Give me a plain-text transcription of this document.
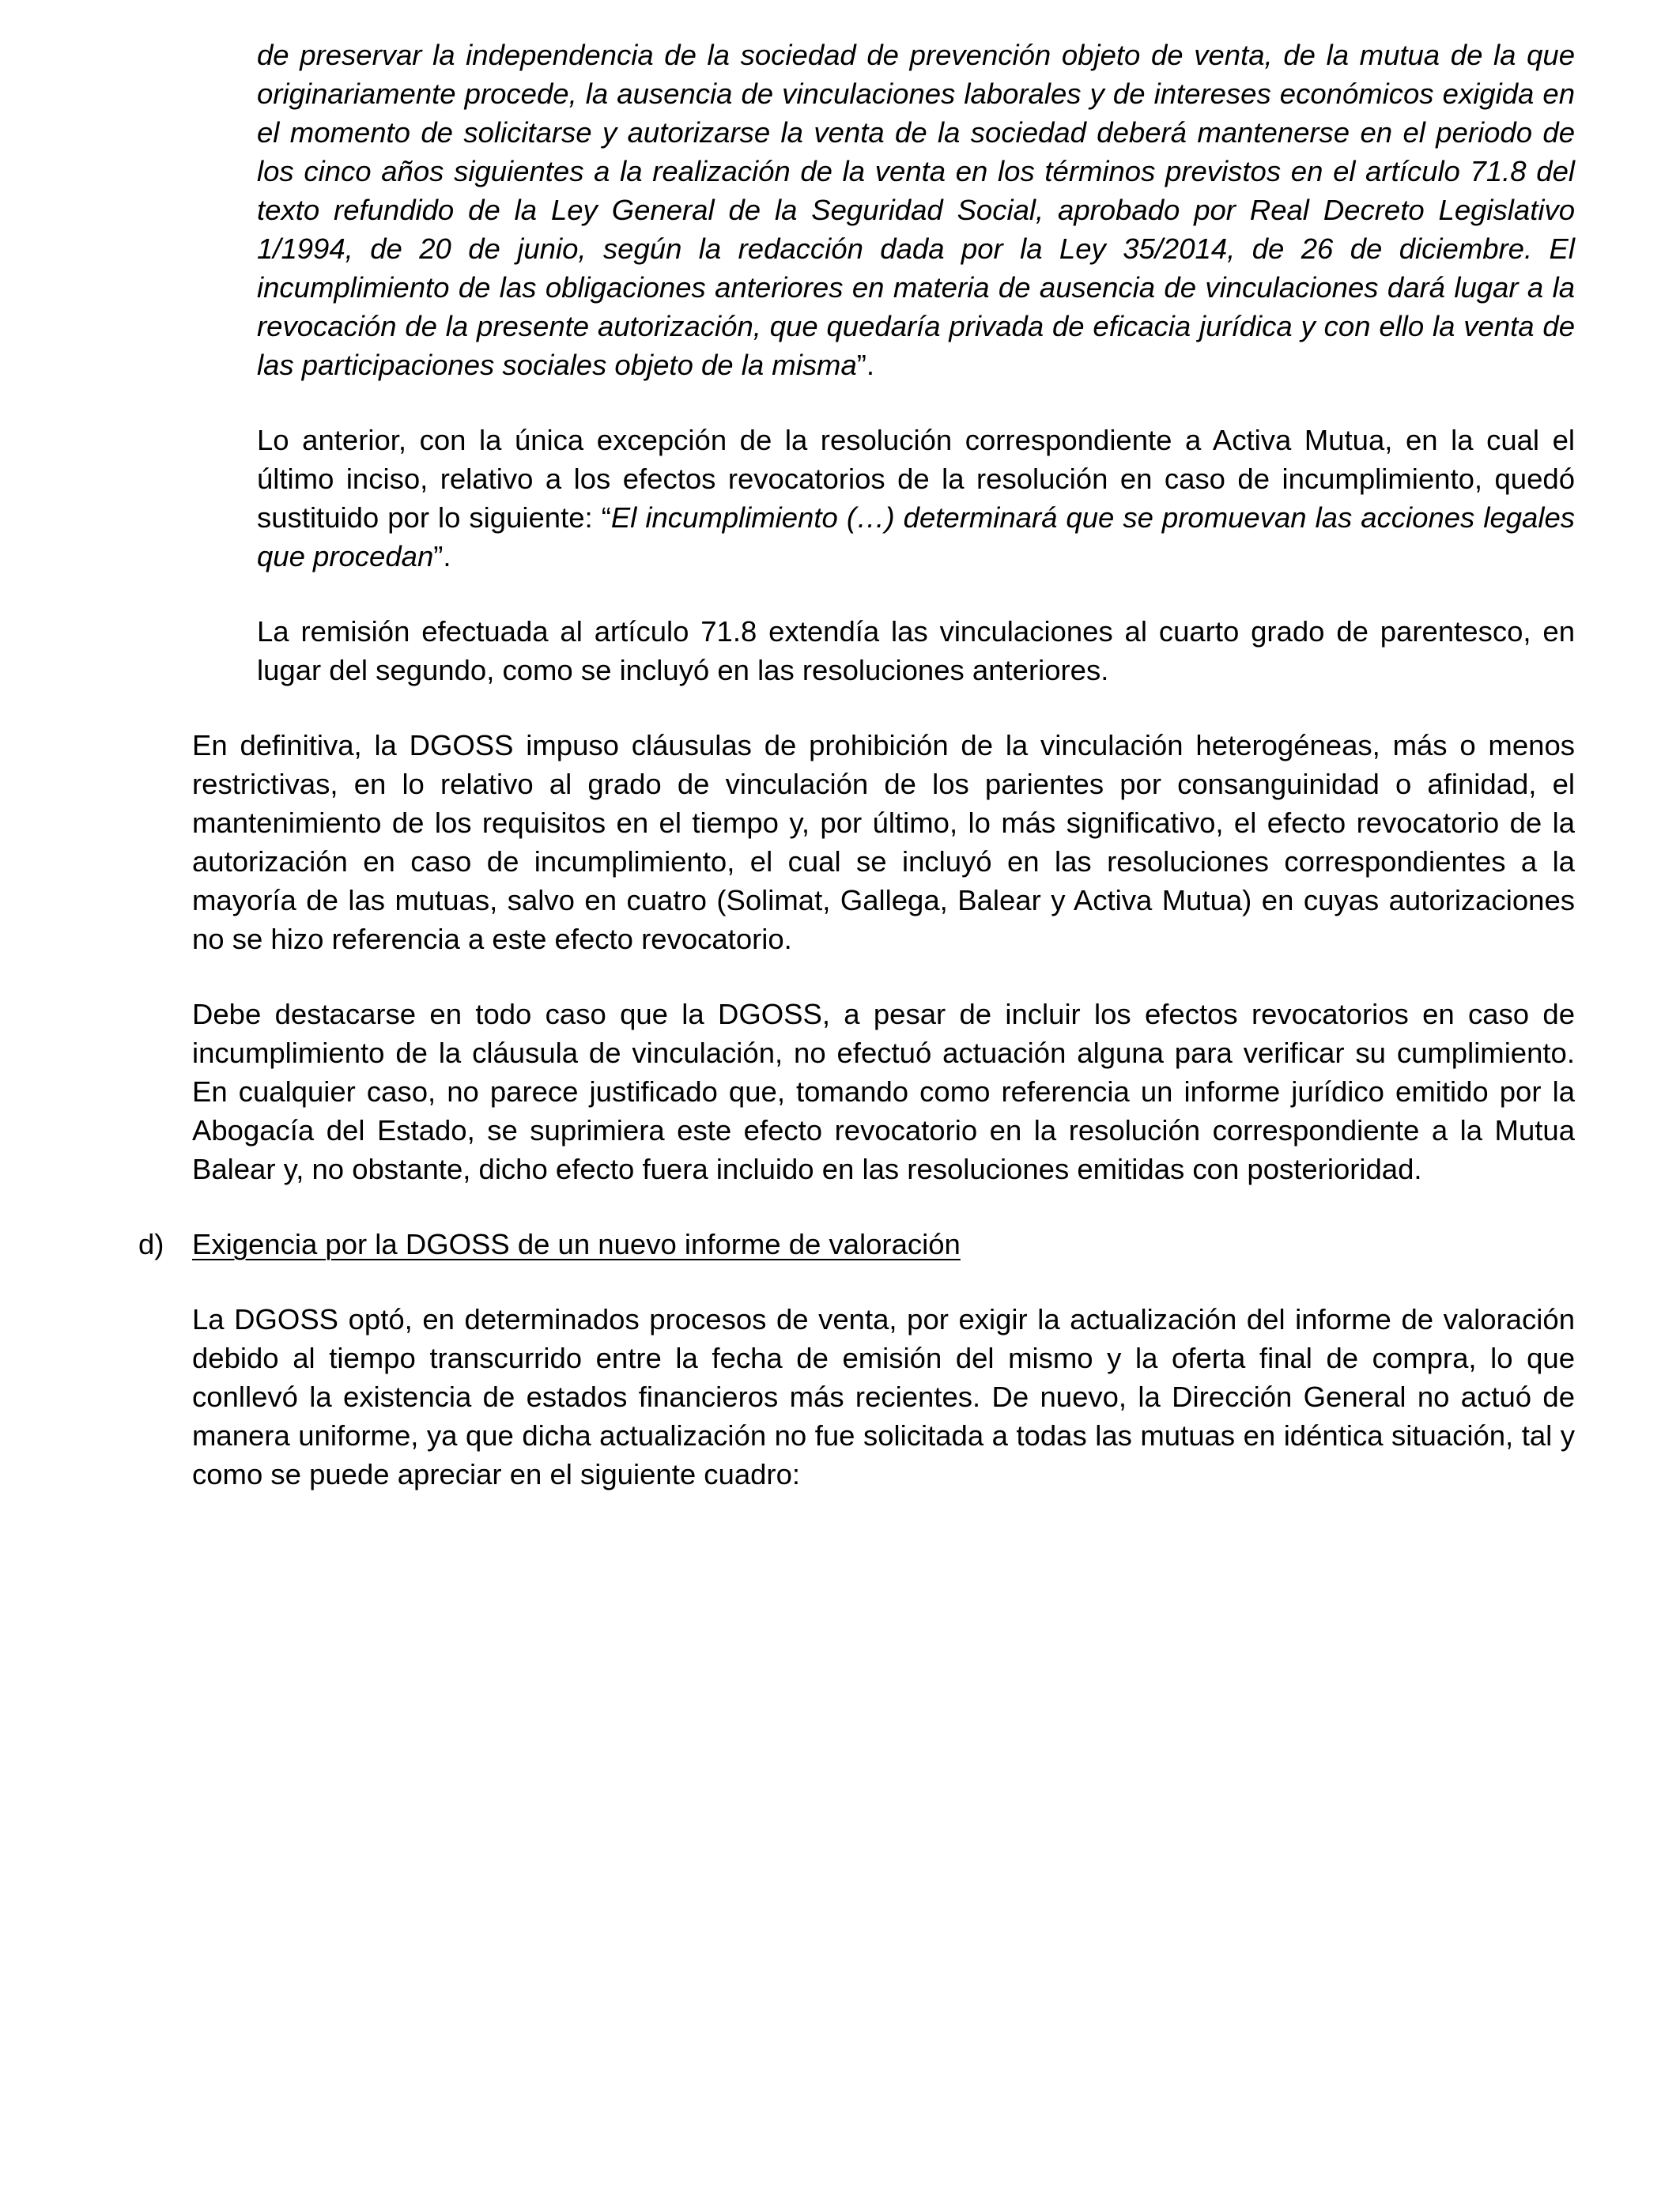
de preservar la independencia de la sociedad de prevención objeto de venta, de la mutua de la que originariamente procede, la ausencia de vinculaciones laborales y de intereses económicos exigida en el momento de solicitarse y autorizarse la venta de la sociedad deberá mantenerse en el periodo de los cinco años siguientes a la realización de la venta en los términos previstos en el artículo 71.8 del texto refundido de la Ley General de la Seguridad Social, aprobado por Real Decreto Legislativo 1/1994, de 20 de junio, según la redacción dada por la Ley 35/2014, de 26 de diciembre. El incumplimiento de las obligaciones anteriores en materia de ausencia de vinculaciones dará lugar a la revocación de la presente autorización, que quedaría privada de eficacia jurídica y con ello la venta de las participaciones sociales objeto de la misma”.

Lo anterior, con la única excepción de la resolución correspondiente a Activa Mutua, en la cual el último inciso, relativo a los efectos revocatorios de la resolución en caso de incumplimiento, quedó sustituido por lo siguiente: “El incumplimiento (…) determinará que se promuevan las acciones legales que procedan”.

La remisión efectuada al artículo 71.8 extendía las vinculaciones al cuarto grado de parentesco, en lugar del segundo, como se incluyó en las resoluciones anteriores.

En definitiva, la DGOSS impuso cláusulas de prohibición de la vinculación heterogéneas, más o menos restrictivas, en lo relativo al grado de vinculación de los parientes por consanguinidad o afinidad, el mantenimiento de los requisitos en el tiempo y, por último, lo más significativo, el efecto revocatorio de la autorización en caso de incumplimiento, el cual se incluyó en las resoluciones correspondientes a la mayoría de las mutuas, salvo en cuatro (Solimat, Gallega, Balear y Activa Mutua) en cuyas autorizaciones no se hizo referencia a este efecto revocatorio.

Debe destacarse en todo caso que la DGOSS, a pesar de incluir los efectos revocatorios en caso de incumplimiento de la cláusula de vinculación, no efectuó actuación alguna para verificar su cumplimiento. En cualquier caso, no parece justificado que, tomando como referencia un informe jurídico emitido por la Abogacía del Estado, se suprimiera este efecto revocatorio en la resolución correspondiente a la Mutua Balear y, no obstante, dicho efecto fuera incluido en las resoluciones emitidas con posterioridad.

d) Exigencia por la DGOSS de un nuevo informe de valoración

La DGOSS optó, en determinados procesos de venta, por exigir la actualización del informe de valoración debido al tiempo transcurrido entre la fecha de emisión del mismo y la oferta final de compra, lo que conllevó la existencia de estados financieros más recientes. De nuevo, la Dirección General no actuó de manera uniforme, ya que dicha actualización no fue solicitada a todas las mutuas en idéntica situación, tal y como se puede apreciar en el siguiente cuadro:
